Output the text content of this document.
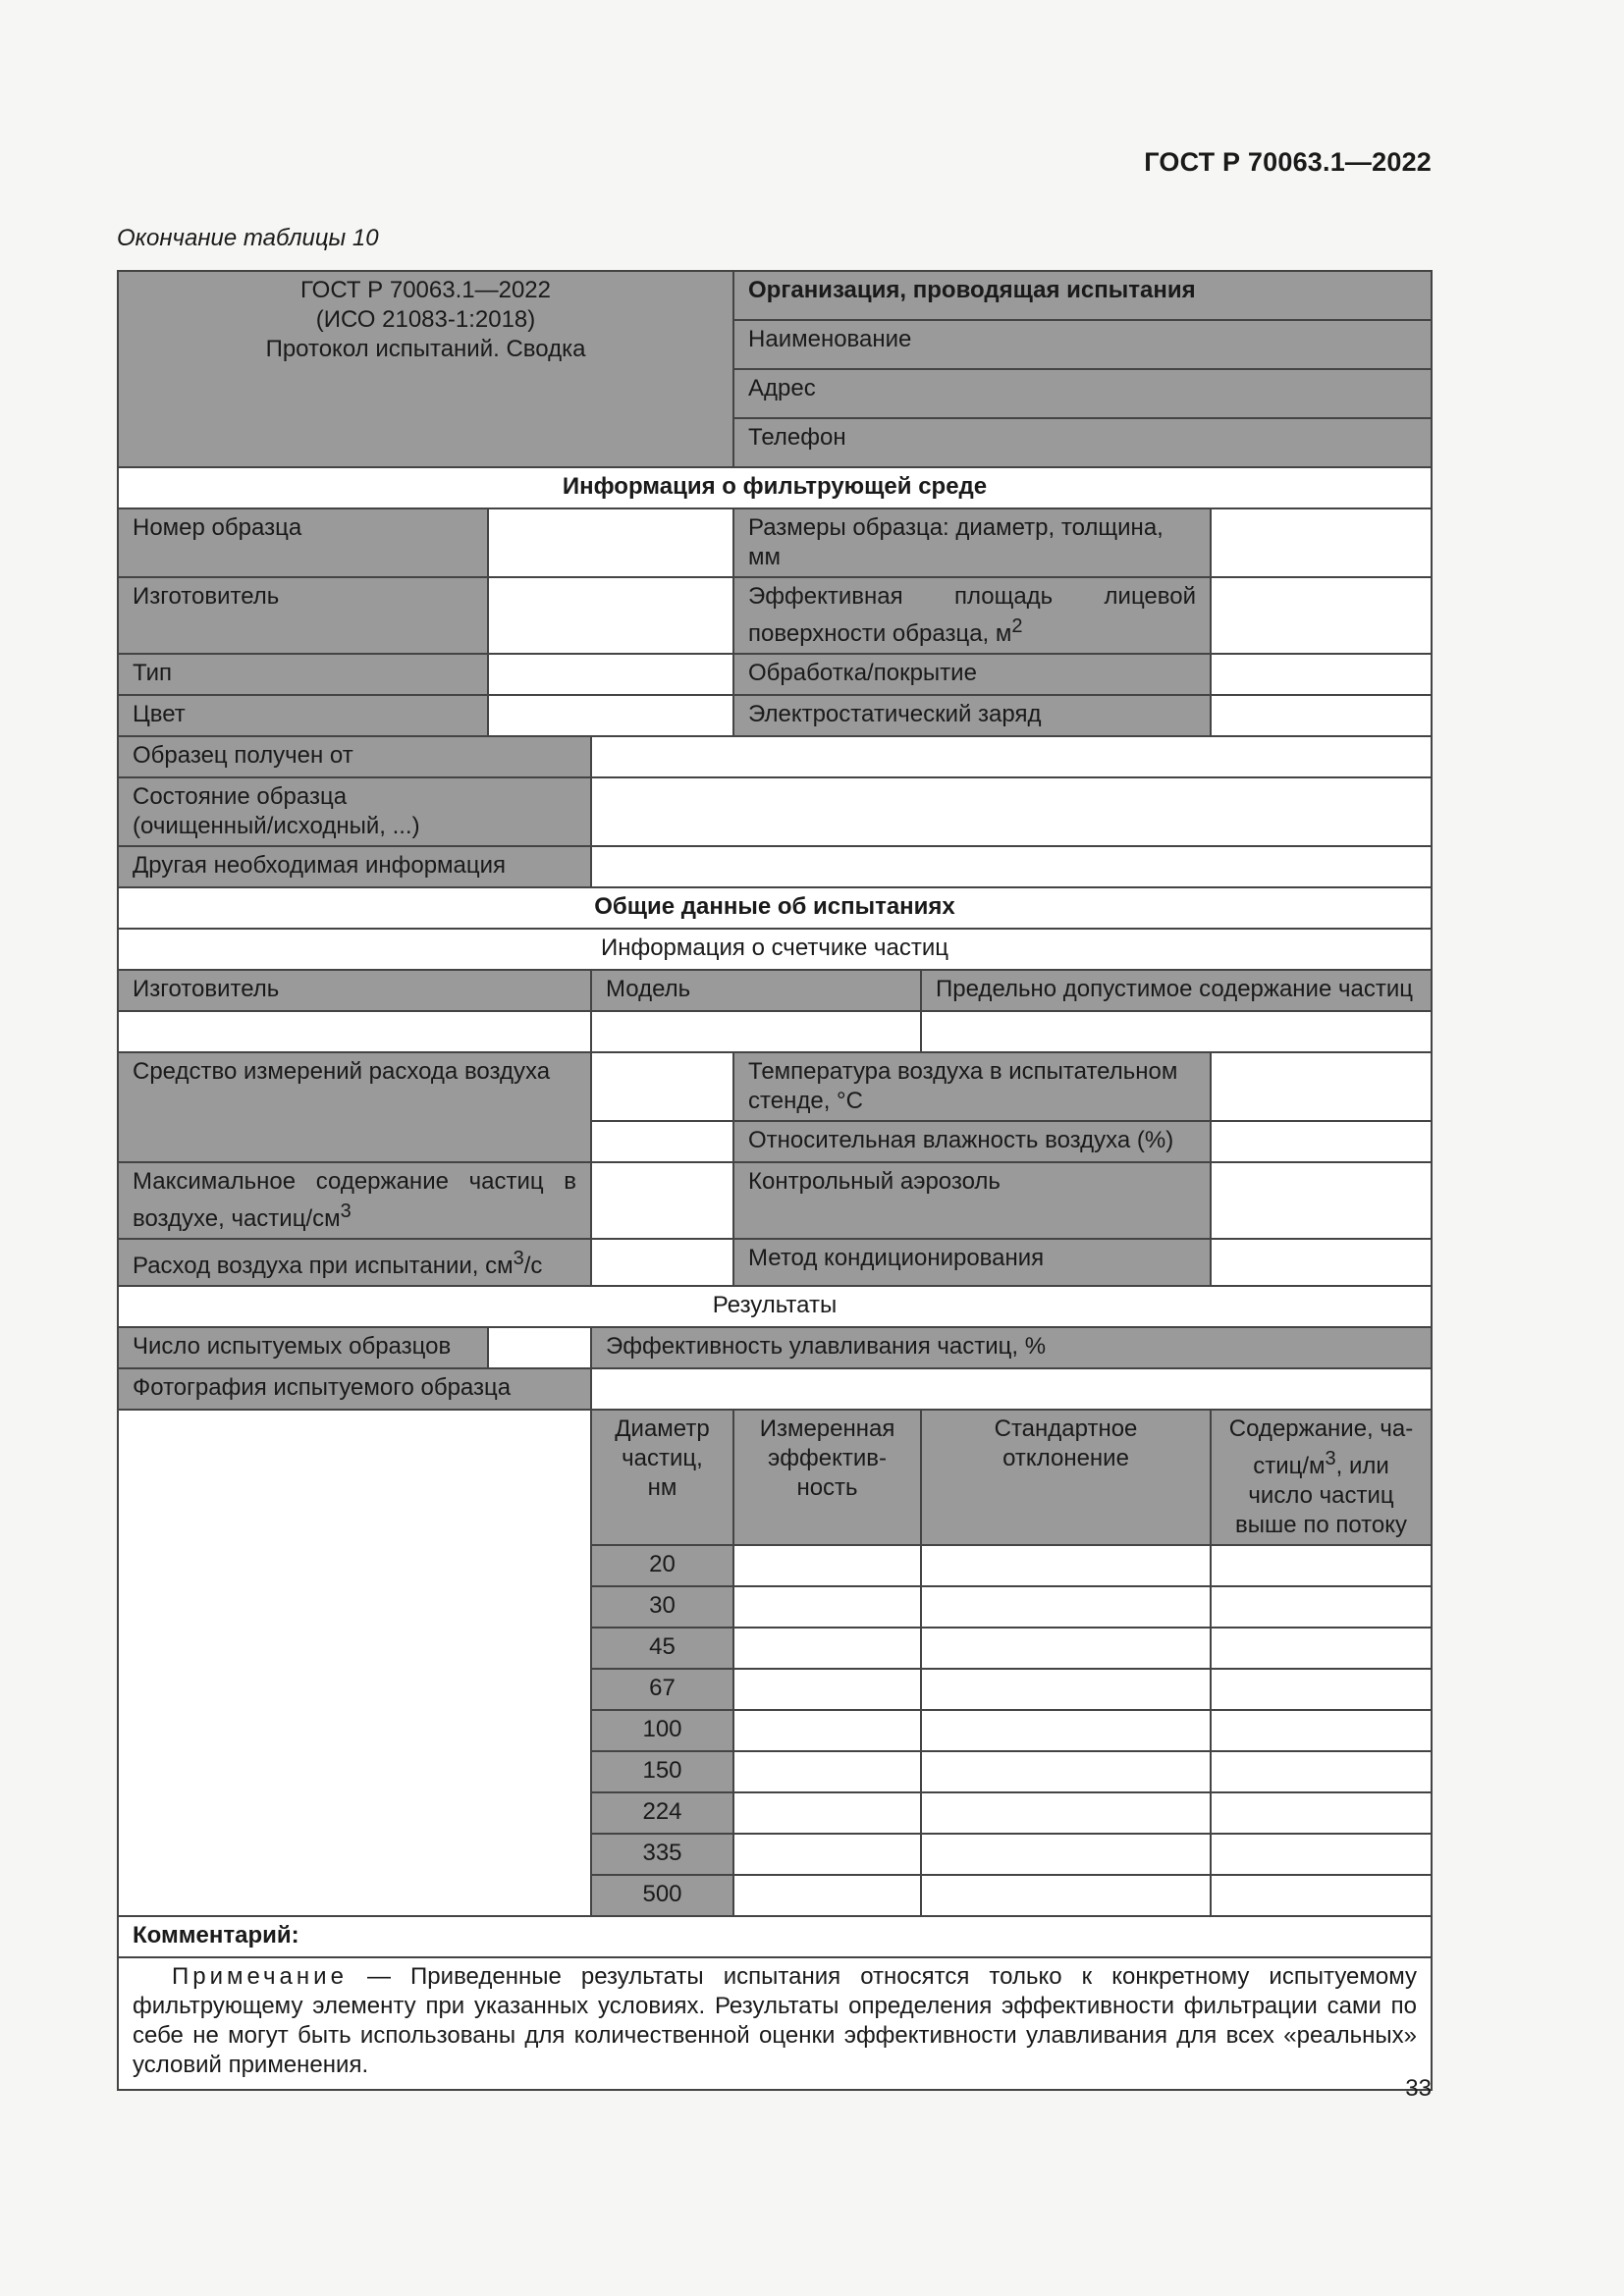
ГОСТ Р 70063.1—2022
Окончание таблицы 10
ГОСТ Р 70063.1—2022
(ИСО 21083-1:2018)
Протокол испытаний. Сводка			Организация, проводящая испытания		
			Наименование		
			Адрес		
			Телефон		
Информация о фильтрующей среде					
Номер образца			Размеры образца: диаметр, толщина, мм		
Изготовитель			Эффективная площадь лицевой поверхности образца, $м^2$	
Тип			Обработка/покрытие		
Цвет			Электростатический заряд		
Образец получен от					
Состояние образца
(очищенный/исходный, ...)					
Другая необходимая информация					
Общие данные об испытаниях					
Информация о счетчике частиц					
Изготовитель		Модель		Предельно допустимое содержание частиц	

Средство измерений расхода воздуха			Температура воздуха в испытательном стенде, °С		
			Относительная влажность воздуха (%)		
Максимальное содержание частиц в воздухе, частиц/$см^3$			Контрольный аэрозоль		
Расход воздуха при испытании, $см^3/с$			Метод кондиционирования		
Результаты					
Число испытуемых образцов		Эффективность улавливания частиц, %			
Фотография испытуемого образца					
		Диаметр частиц, нм	Измеренная эффектив-ность	Стандартное отклонение	Содержание, $ча-стиц/м^3$, или число частиц выше по потоку
		20			
		30			
		45			
		67			
		100			
		150			
		224			
		335			
		500			
Комментарий:					
Примечание — Приведенные результаты испытания относятся только к конкретному испытуемому фильтрующему элементу при указанных условиях. Результаты определения эффективности фильтрации сами по себе не могут быть использованы для количественной оценки эффективности улавливания для всех «реальных» условий применения.					
33
